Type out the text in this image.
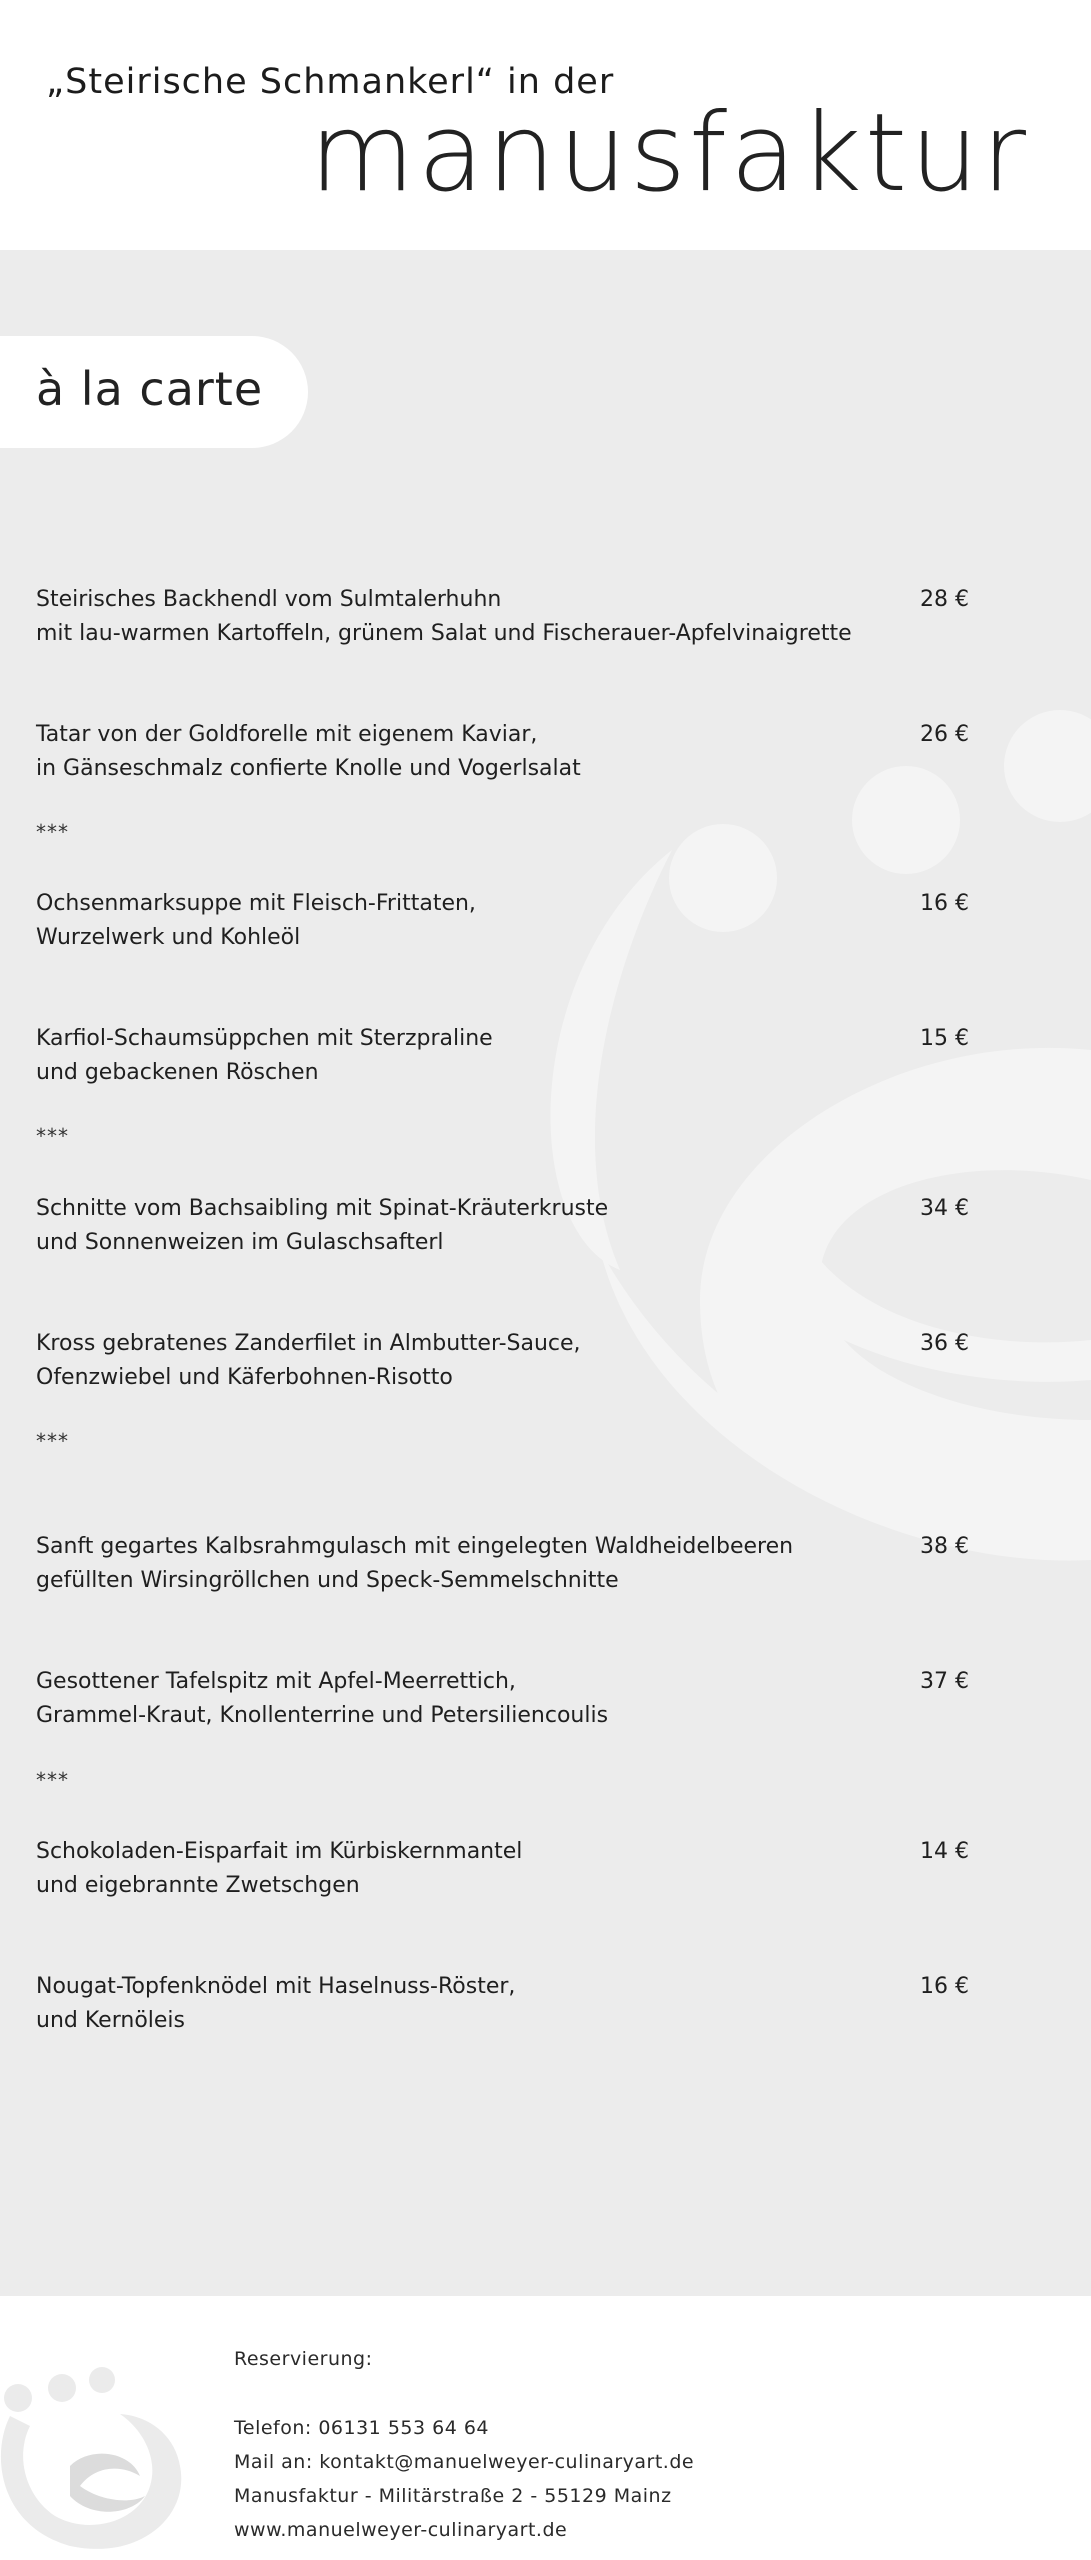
„Steirische Schmankerl“ in der
manusfaktur
à la carte
Steirisches Backhendl vom Sulmtalerhuhn
mit lau-warmen Kartoffeln, grünem Salat und Fischerauer-Apfelvinaigrette
28 €
Tatar von der Goldforelle mit eigenem Kaviar,
in Gänseschmalz confierte Knolle und Vogerlsalat
26 €
***
Ochsenmarksuppe mit Fleisch-Frittaten,
Wurzelwerk und Kohleöl
16 €
Karfiol-Schaumsüppchen mit Sterzpraline
und gebackenen Röschen
15 €
***
Schnitte vom Bachsaibling mit Spinat-Kräuterkruste
und Sonnenweizen im Gulaschsafterl
34 €
Kross gebratenes Zanderfilet in Almbutter-Sauce,
Ofenzwiebel und Käferbohnen-Risotto
36 €
***
Sanft gegartes Kalbsrahmgulasch mit eingelegten Waldheidelbeeren
gefüllten Wirsingröllchen und Speck-Semmelschnitte
38 €
Gesottener Tafelspitz mit Apfel-Meerrettich,
Grammel-Kraut, Knollenterrine und Petersiliencoulis
37 €
***
Schokoladen-Eisparfait im Kürbiskernmantel
und eigebrannte Zwetschgen
14 €
Nougat-Topfenknödel mit Haselnuss-Röster,
und Kernöleis
16 €
Reservierung:
Telefon: 06131 553 64 64
Mail an: kontakt@manuelweyer-culinaryart.de
Manusfaktur - Militärstraße 2 - 55129 Mainz
www.manuelweyer-culinaryart.de
